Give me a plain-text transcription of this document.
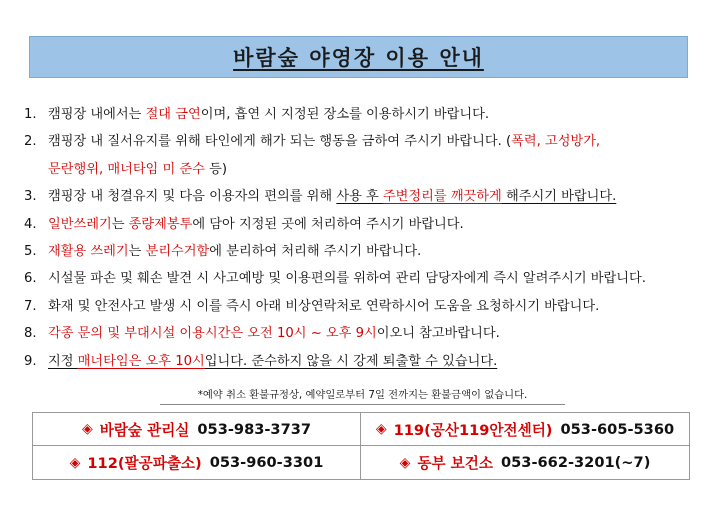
바람숲 야영장 이용 안내
1. 캠핑장 내에서는 절대 금연이며, 흡연 시 지정된 장소를 이용하시기 바랍니다.
2. 캠핑장 내 질서유지를 위해 타인에게 해가 되는 행동을 금하여 주시기 바랍니다. (폭력, 고성방가,
문란행위, 매너타임 미 준수 등)
3. 캠핑장 내 청결유지 및 다음 이용자의 편의를 위해 사용 후 주변정리를 깨끗하게 해주시기 바랍니다.
4. 일반쓰레기는 종량제봉투에 담아 지정된 곳에 처리하여 주시기 바랍니다.
5. 재활용 쓰레기는 분리수거함에 분리하여 처리해 주시기 바랍니다.
6. 시설물 파손 및 훼손 발견 시 사고예방 및 이용편의를 위하여 관리 담당자에게 즉시 알려주시기 바랍니다.
7. 화재 및 안전사고 발생 시 이를 즉시 아래 비상연락처로 연락하시어 도움을 요청하시기 바랍니다.
8. 각종 문의 및 부대시설 이용시간은 오전 10시 ~ 오후 9시이오니 참고바랍니다.
9. 지정 매너타임은 오후 10시입니다. 준수하지 않을 시 강제 퇴출할 수 있습니다.
*예약 취소 환불규정상, 예약일로부터 7일 전까지는 환불금액이 없습니다.
◈ 바람숲 관리실 053-983-3737	◈ 119(공산119안전센터) 053-605-5360
◈ 112(팔공파출소) 053-960-3301	◈ 동부 보건소 053-662-3201(~7)
